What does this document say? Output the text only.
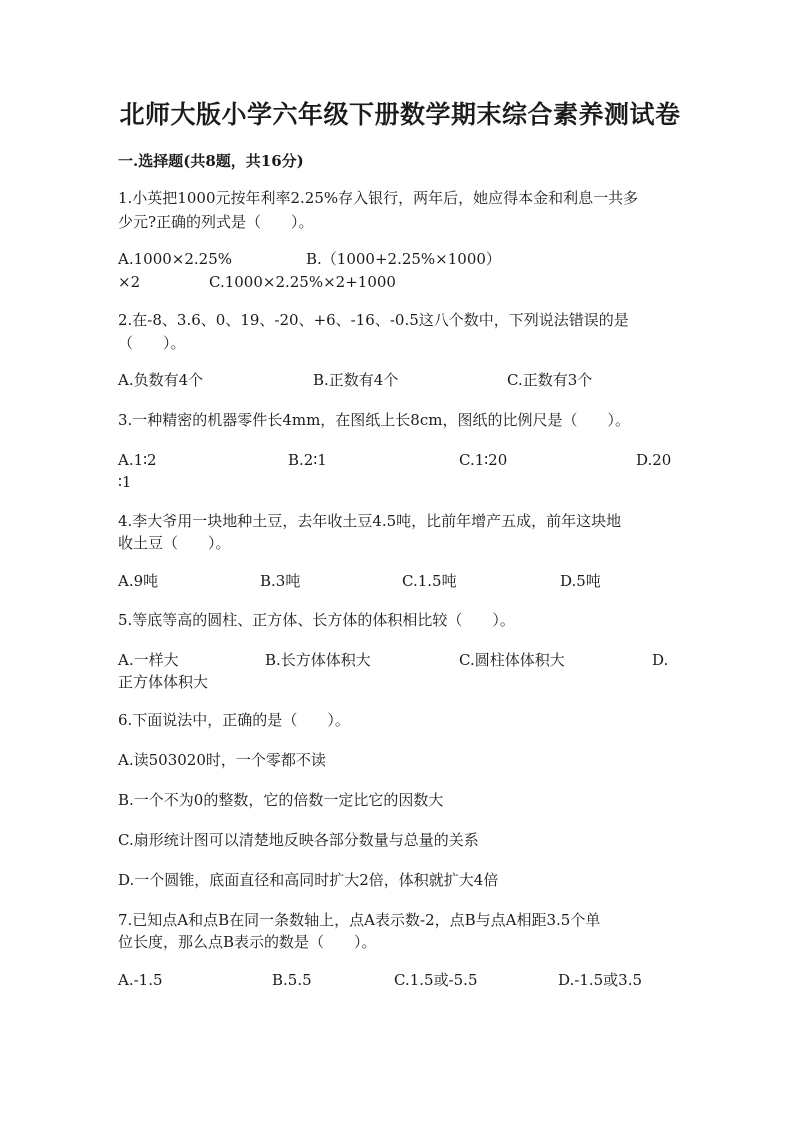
北师大版小学六年级下册数学期末综合素养测试卷
一.选择题(共8题，共16分)
1.小英把1000元按年利率2.25%存入银行，两年后，她应得本金和利息一共多
少元?正确的列式是（　　）。
A.1000×2.25%	B.（1000+2.25%×1000）
×2	C.1000×2.25%×2+1000
2.在-8、3.6、0、19、-20、+6、-16、-0.5这八个数中，下列说法错误的是
（　　）。
A.负数有4个	B.正数有4个	C.正数有3个
3.一种精密的机器零件长4mm，在图纸上长8cm，图纸的比例尺是（　　）。
A.1∶2	B.2∶1	C.1∶20	D.20
∶1
4.李大爷用一块地种土豆，去年收土豆4.5吨，比前年增产五成，前年这块地
收土豆（　　）。
A.9吨	B.3吨	C.1.5吨	D.5吨
5.等底等高的圆柱、正方体、长方体的体积相比较（　　）。
A.一样大	B.长方体体积大	C.圆柱体体积大	D.
正方体体积大
6.下面说法中，正确的是（　　）。
A.读503020时，一个零都不读
B.一个不为0的整数，它的倍数一定比它的因数大
C.扇形统计图可以清楚地反映各部分数量与总量的关系
D.一个圆锥，底面直径和高同时扩大2倍，体积就扩大4倍
7.已知点A和点B在同一条数轴上，点A表示数-2，点B与点A相距3.5个单
位长度，那么点B表示的数是（　　）。
A.-1.5	B.5.5	C.1.5或-5.5	D.-1.5或3.5
